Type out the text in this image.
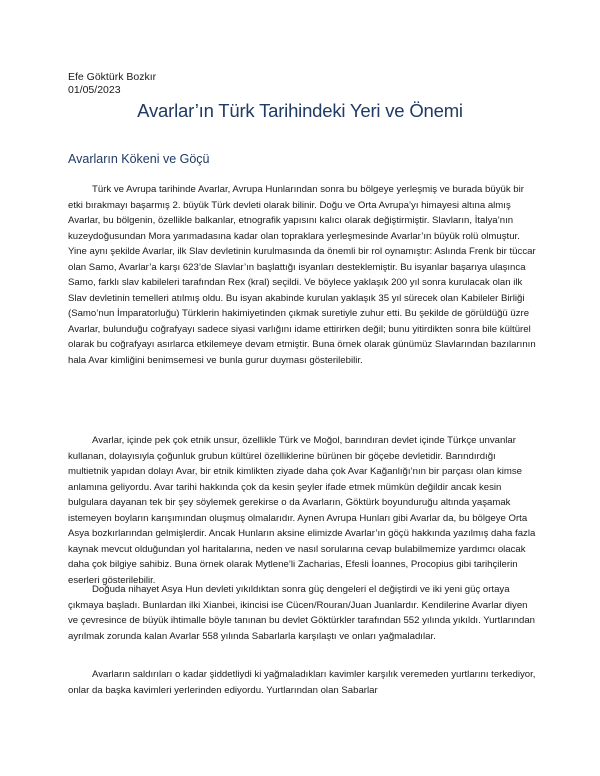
Efe Göktürk Bozkır
01/05/2023
Avarlar’ın Türk Tarihindeki Yeri ve Önemi
Avarların Kökeni ve Göçü

Türk ve Avrupa tarihinde Avarlar, Avrupa Hunlarından sonra bu bölgeye yerleşmiş ve burada büyük bir etki bırakmayı başarmış 2. büyük Türk devleti olarak bilinir. Doğu ve Orta Avrupa’yı himayesi altına almış Avarlar, bu bölgenin, özellikle balkanlar, etnografik yapısını kalıcı olarak değiştirmiştir. Slavların, İtalya’nın kuzeydoğusundan Mora yarımadasına kadar olan topraklara yerleşmesinde Avarlar’ın büyük rolü olmuştur. Yine aynı şekilde Avarlar, ilk Slav devletinin kurulmasında da önemli bir rol oynamıştır: Aslında Frenk bir tüccar olan Samo, Avarlar’a karşı 623’de Slavlar’ın başlattığı isyanları desteklemiştir. Bu isyanlar başarıya ulaşınca Samo, farklı slav kabileleri tarafından Rex (kral) seçildi. Ve böylece yaklaşık 200 yıl sonra kurulacak olan ilk Slav devletinin temelleri atılmış oldu. Bu isyan akabinde kurulan yaklaşık 35 yıl sürecek olan Kabileler Birliği (Samo’nun İmparatorluğu) Türklerin hakimiyetinden çıkmak suretiyle zuhur etti. Bu şekilde de görüldüğü üzre Avarlar, bulunduğu coğrafyayı sadece siyasi varlığını idame ettirirken değil; bunu yitirdikten sonra bile kültürel olarak bu coğrafyayı asırlarca etkilemeye devam etmiştir. Buna örnek olarak günümüz Slavlarından bazılarının hala Avar kimliğini benimsemesi ve bunla gurur duyması gösterilebilir.

Avarlar, içinde pek çok etnik unsur, özellikle Türk ve Moğol, barındıran devlet içinde Türkçe unvanlar kullanan, dolayısıyla çoğunluk grubun kültürel özelliklerine bürünen bir göçebe devletidir. Barındırdığı multietnik yapıdan dolayı Avar, bir etnik kimlikten ziyade daha çok Avar Kağanlığı’nın bir parçası olan kimse anlamına geliyordu. Avar tarihi hakkında çok da kesin şeyler ifade etmek mümkün değildir ancak kesin bulgulara dayanan tek bir şey söylemek gerekirse o da Avarların, Göktürk boyunduruğu altında yaşamak istemeyen boyların karışımından oluşmuş olmalarıdır. Aynen Avrupa Hunları gibi Avarlar da, bu bölgeye Orta Asya bozkırlarından gelmişlerdir. Ancak Hunların aksine elimizde Avarlar’ın göçü hakkında yazılmış daha fazla kaynak mevcut olduğundan yol haritalarına, neden ve nasıl sorularına cevap bulabilmemize yardımcı olacak daha çok bilgiye sahibiz. Buna örnek olarak Mytlene’li Zacharias, Efesli İoannes, Procopius gibi tarihçilerin eserleri gösterilebilir.

Doğuda nihayet Asya Hun devleti yıkıldıktan sonra güç dengeleri el değiştirdi ve iki yeni güç ortaya çıkmaya başladı. Bunlardan ilki Xianbei, ikincisi ise Cücen/Rouran/Juan Juanlardır. Kendilerine Avarlar diyen ve çevresince de büyük ihtimalle böyle tanınan bu devlet Göktürkler tarafından 552 yılında yıkıldı. Yurtlarından ayrılmak zorunda kalan Avarlar 558 yılında Sabarlarla karşılaştı ve onları yağmaladılar.

Avarların saldırıları o kadar şiddetliydi ki yağmaladıkları kavimler karşılık veremeden yurtlarını terkediyor, onlar da başka kavimleri yerlerinden ediyordu. Yurtlarından olan Sabarlar
